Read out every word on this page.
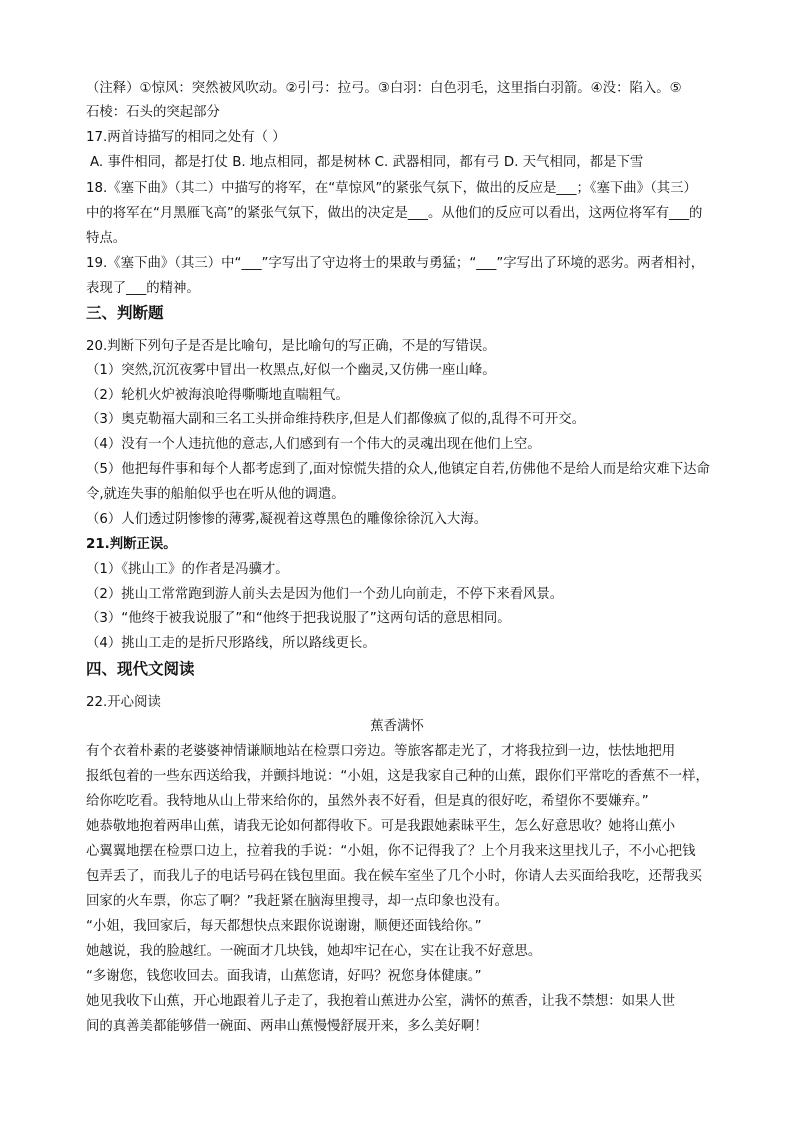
（注释）①惊风：突然被风吹动。②引弓：拉弓。③白羽：白色羽毛，这里指白羽箭。④没：陷入。⑤
石棱：石头的突起部分
17.两首诗描写的相同之处有（ ）
A. 事件相同，都是打仗 B. 地点相同，都是树林 C. 武器相同，都有弓 D. 天气相同，都是下雪
18.《塞下曲》（其二）中描写的将军，在“草惊风”的紧张气氛下，做出的反应是___；《塞下曲》（其三）
中的将军在“月黑雁飞高”的紧张气氛下，做出的决定是___。从他们的反应可以看出，这两位将军有___的
特点。
19.《塞下曲》（其三）中“___”字写出了守边将士的果敢与勇猛；“___”字写出了环境的恶劣。两者相衬，
表现了___的精神。
三、判断题
20.判断下列句子是否是比喻句，是比喻句的写正确，不是的写错误。
（1）突然,沉沉夜雾中冒出一枚黑点,好似一个幽灵,又仿佛一座山峰。
（2）轮机火炉被海浪呛得嘶嘶地直喘粗气。
（3）奥克勒福大副和三名工头拼命维持秩序,但是人们都像疯了似的,乱得不可开交。
（4）没有一个人违抗他的意志,人们感到有一个伟大的灵魂出现在他们上空。
（5）他把每件事和每个人都考虑到了,面对惊慌失措的众人,他镇定自若,仿佛他不是给人而是给灾难下达命
令,就连失事的船舶似乎也在听从他的调遣。
（6）人们透过阴惨惨的薄雾,凝视着这尊黑色的雕像徐徐沉入大海。
21.判断正误。
（1）《挑山工》的作者是冯骥才。
（2）挑山工常常跑到游人前头去是因为他们一个劲儿向前走，不停下来看风景。
（3）“他终于被我说服了”和“他终于把我说服了”这两句话的意思相同。
（4）挑山工走的是折尺形路线，所以路线更长。
四、现代文阅读
22.开心阅读
蕉香满怀
有个衣着朴素的老婆婆神情谦顺地站在检票口旁边。等旅客都走光了，才将我拉到一边，怯怯地把用
报纸包着的一些东西送给我，并颤抖地说：“小姐，这是我家自己种的山蕉，跟你们平常吃的香蕉不一样，
给你吃吃看。我特地从山上带来给你的，虽然外表不好看，但是真的很好吃，希望你不要嫌弃。”
她恭敬地抱着两串山蕉，请我无论如何都得收下。可是我跟她素昧平生，怎么好意思收？她将山蕉小
心翼翼地摆在检票口边上，拉着我的手说：“小姐，你不记得我了？上个月我来这里找儿子，不小心把钱
包弄丢了，而我儿子的电话号码在钱包里面。我在候车室坐了几个小时，你请人去买面给我吃，还帮我买
回家的火车票，你忘了啊？”我赶紧在脑海里搜寻，却一点印象也没有。
“小姐，我回家后，每天都想快点来跟你说谢谢，顺便还面钱给你。”
她越说，我的脸越红。一碗面才几块钱，她却牢记在心，实在让我不好意思。
“多谢您，钱您收回去。面我请，山蕉您请，好吗？祝您身体健康。”
她见我收下山蕉，开心地跟着儿子走了，我抱着山蕉进办公室，满怀的蕉香，让我不禁想：如果人世
间的真善美都能够借一碗面、两串山蕉慢慢舒展开来，多么美好啊！
